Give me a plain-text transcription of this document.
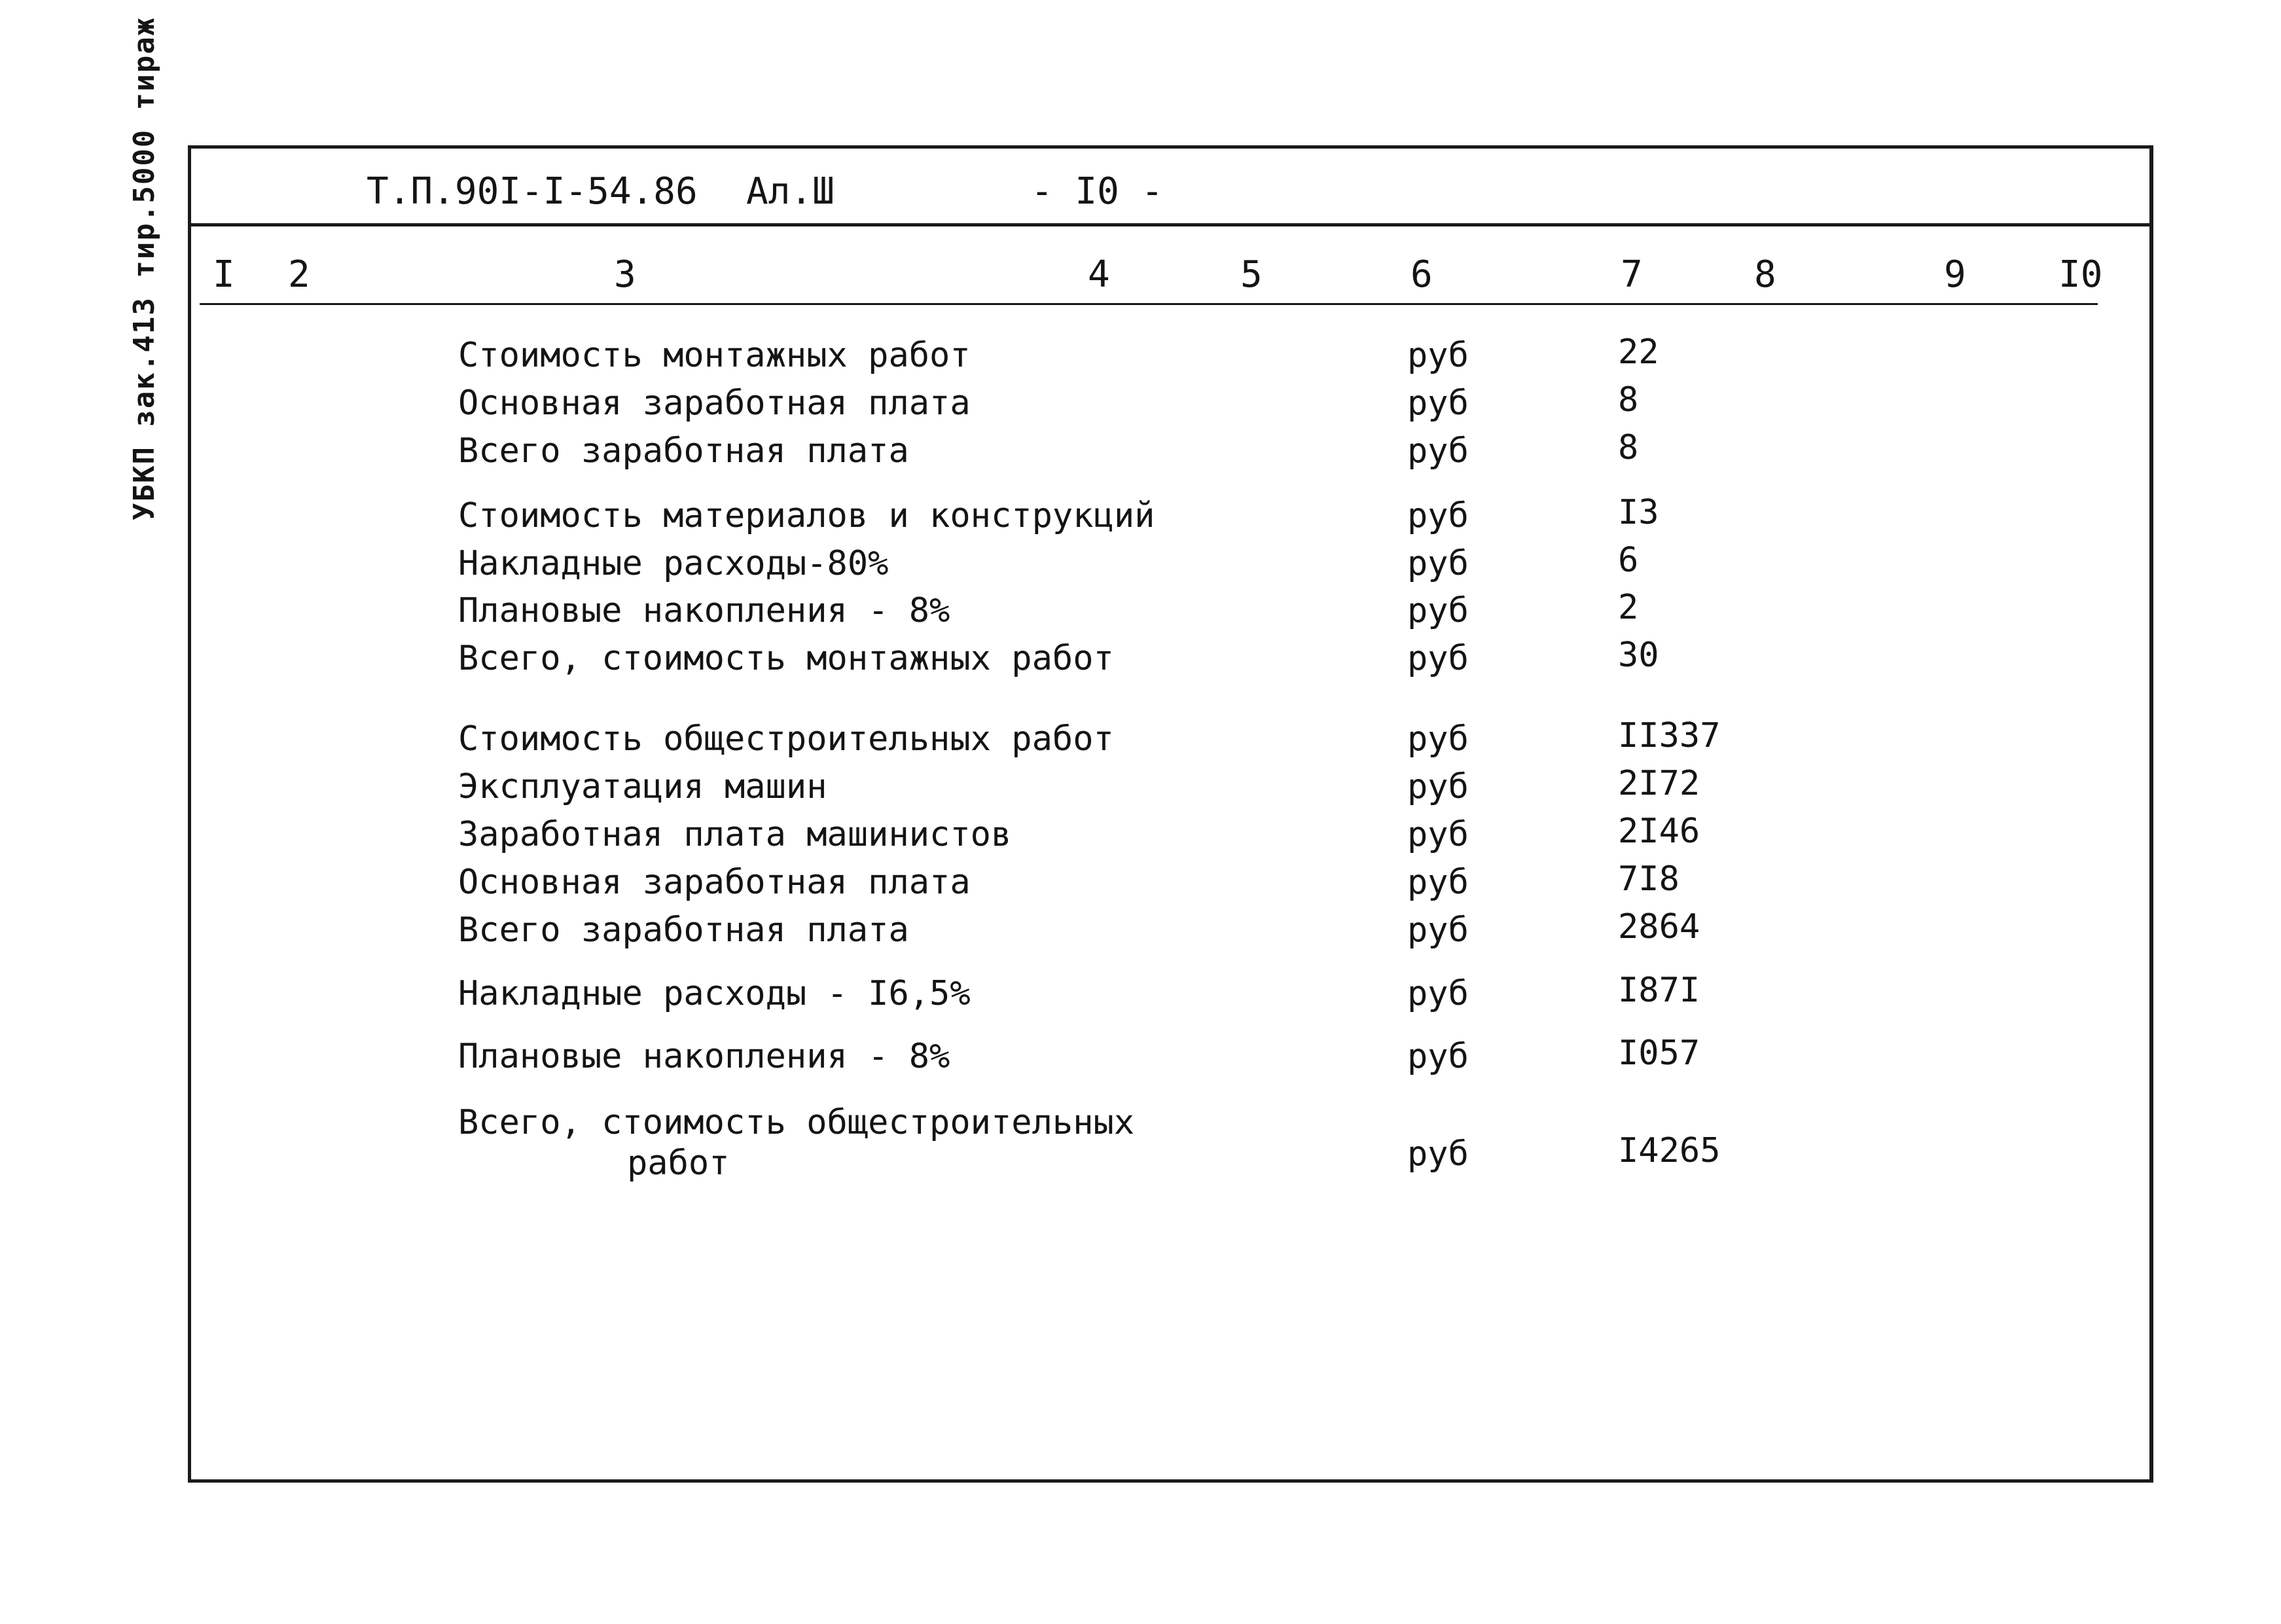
УБКП зак.413 тир.5000 тираж	Т.П.90I-I-54.86 Ал.Ш	- I0 -
I 2	3	4	5	6	7	8	9	I0
Стоимость монтажных работ	руб	22
Основная заработная плата	руб	8
Всего заработная плата	руб	8
Стоимость материалов и конструкций	руб	I3
Накладные расходы-80%	руб	6
Плановые накопления - 8%	руб	2
Всего, стоимость монтажных работ	руб	30
Стоимость общестроительных работ	руб	II337
Эксплуатация машин	руб	2I72
Заработная плата машинистов	руб	2I46
Основная заработная плата	руб	7I8
Всего заработная плата	руб	2864
Накладные расходы - I6,5%	руб	I87I
Плановые накопления - 8%	руб	I057
Всего, стоимость общестроительных
работ	руб	I4265
